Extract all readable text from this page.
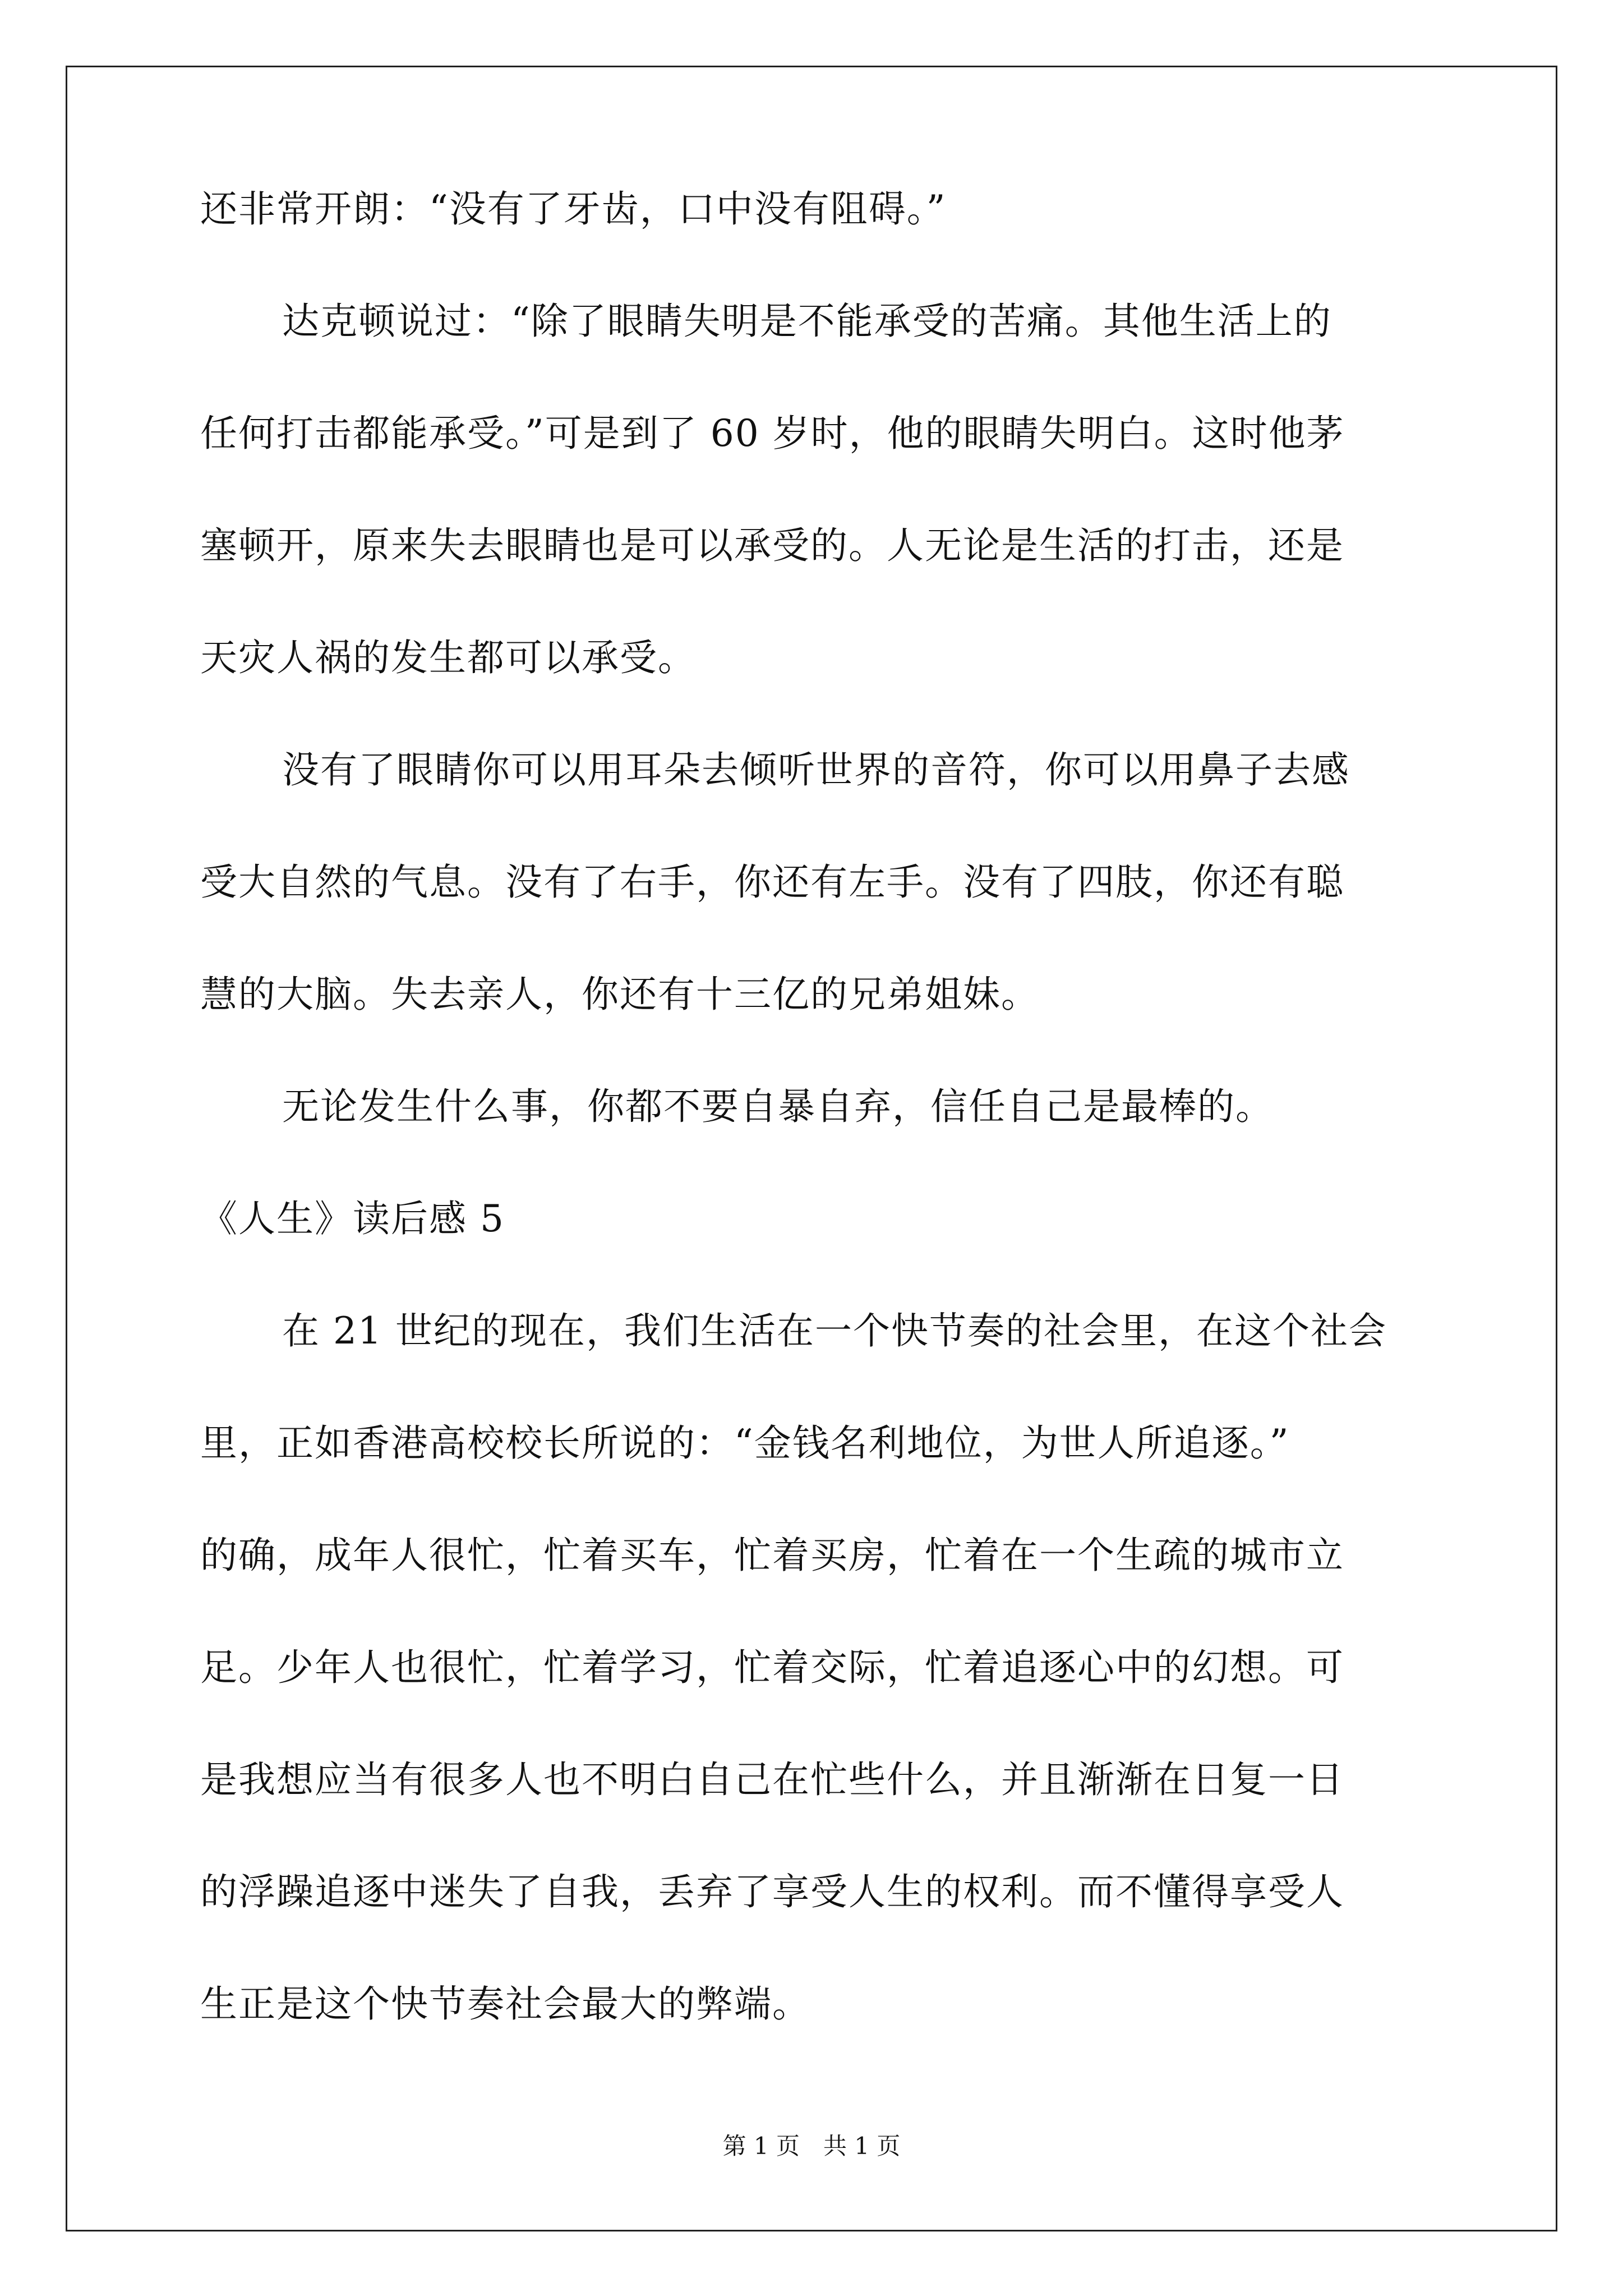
还非常开朗：“没有了牙齿，口中没有阻碍。”
达克顿说过：“除了眼睛失明是不能承受的苦痛。其他生活上的
任何打击都能承受。”可是到了 60 岁时，他的眼睛失明白。这时他茅
塞顿开，原来失去眼睛也是可以承受的。人无论是生活的打击，还是
天灾人祸的发生都可以承受。
没有了眼睛你可以用耳朵去倾听世界的音符，你可以用鼻子去感
受大自然的气息。没有了右手，你还有左手。没有了四肢，你还有聪
慧的大脑。失去亲人，你还有十三亿的兄弟姐妹。
无论发生什么事，你都不要自暴自弃，信任自己是最棒的。
《人生》读后感 5
在 21 世纪的现在，我们生活在一个快节奏的社会里，在这个社会
里，正如香港高校校长所说的：“金钱名利地位，为世人所追逐。”
的确，成年人很忙，忙着买车，忙着买房，忙着在一个生疏的城市立
足。少年人也很忙，忙着学习，忙着交际，忙着追逐心中的幻想。可
是我想应当有很多人也不明白自己在忙些什么，并且渐渐在日复一日
的浮躁追逐中迷失了自我，丢弃了享受人生的权利。而不懂得享受人
生正是这个快节奏社会最大的弊端。
第 1 页　共 1 页
